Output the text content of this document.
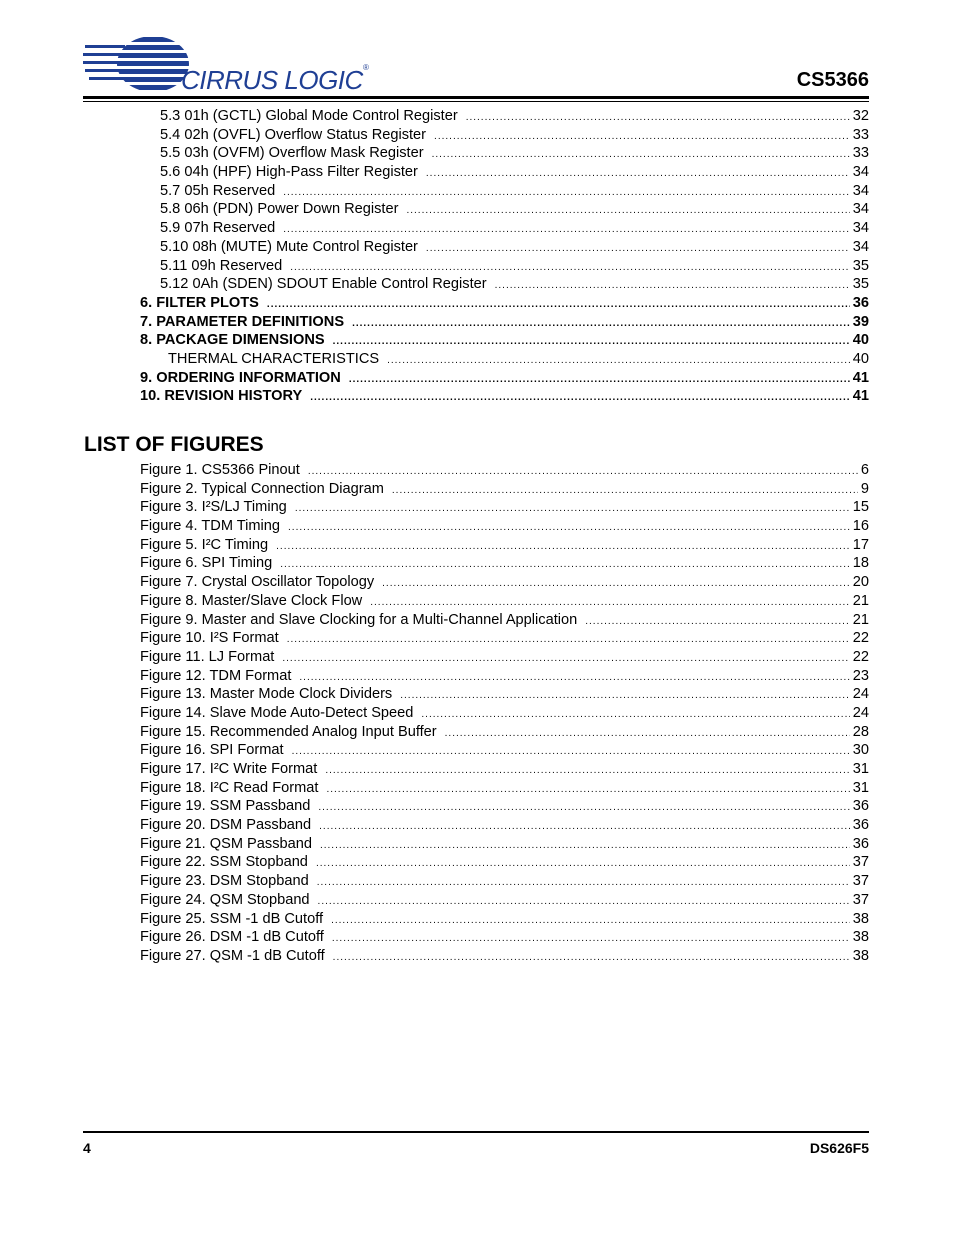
CIRRUS LOGIC®
CS5366
5.3 01h (GCTL) Global Mode Control Register .....	32
5.4 02h (OVFL) Overflow Status Register .....	33
5.5 03h (OVFM) Overflow Mask Register .....	33
5.6 04h (HPF) High-Pass Filter Register .....	34
5.7 05h Reserved .....	34
5.8 06h (PDN) Power Down Register .....	34
5.9 07h Reserved .....	34
5.10 08h (MUTE) Mute Control Register .....	34
5.11 09h Reserved .....	35
5.12 0Ah (SDEN) SDOUT Enable Control Register .....	35
6. FILTER PLOTS .....	36
7. PARAMETER DEFINITIONS .....	39
8. PACKAGE DIMENSIONS .....	40
THERMAL CHARACTERISTICS .....	40
9. ORDERING INFORMATION .....	41
10. REVISION HISTORY .....	41
LIST OF FIGURES
Figure 1. CS5366 Pinout .....	6
Figure 2. Typical Connection Diagram .....	9
Figure 3. I²S/LJ Timing .....	15
Figure 4. TDM Timing .....	16
Figure 5. I²C Timing .....	17
Figure 6. SPI Timing .....	18
Figure 7. Crystal Oscillator Topology .....	20
Figure 8. Master/Slave Clock Flow .....	21
Figure 9. Master and Slave Clocking for a Multi-Channel Application .....	21
Figure 10. I²S Format .....	22
Figure 11. LJ Format .....	22
Figure 12. TDM Format .....	23
Figure 13. Master Mode Clock Dividers .....	24
Figure 14. Slave Mode Auto-Detect Speed .....	24
Figure 15. Recommended Analog Input Buffer .....	28
Figure 16. SPI Format .....	30
Figure 17. I²C Write Format .....	31
Figure 18. I²C Read Format .....	31
Figure 19. SSM Passband .....	36
Figure 20. DSM Passband .....	36
Figure 21. QSM Passband .....	36
Figure 22. SSM Stopband .....	37
Figure 23. DSM Stopband .....	37
Figure 24. QSM Stopband .....	37
Figure 25. SSM -1 dB Cutoff .....	38
Figure 26. DSM -1 dB Cutoff .....	38
Figure 27. QSM -1 dB Cutoff .....	38
4	DS626F5
